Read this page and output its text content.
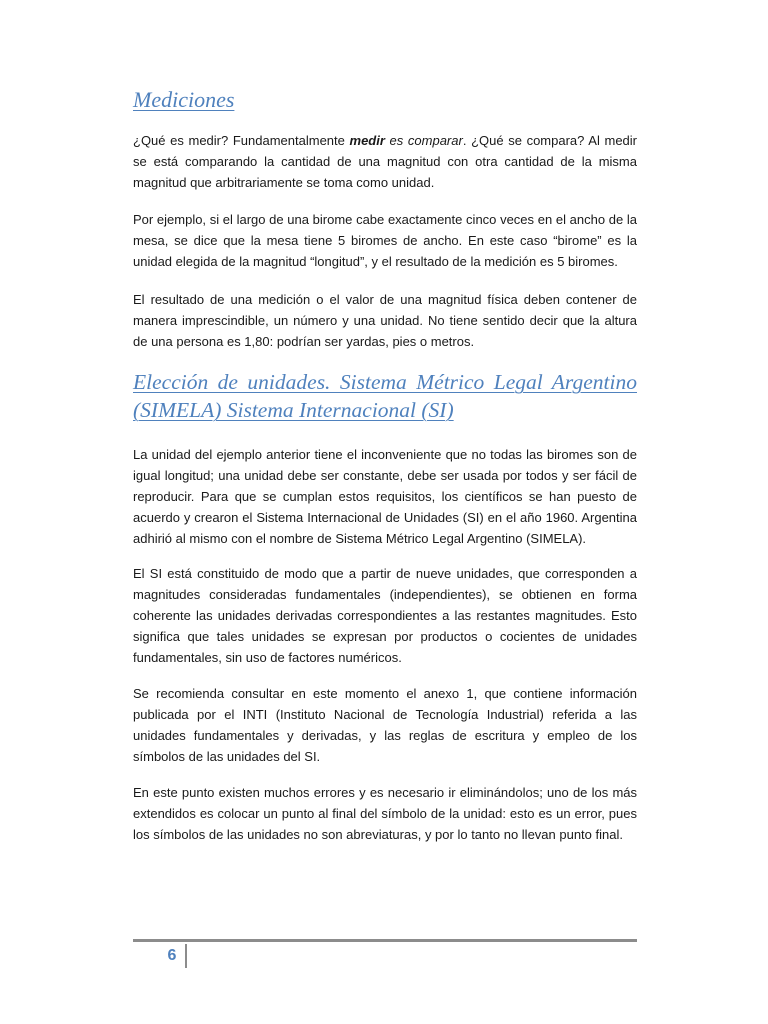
Mediciones

¿Qué es medir? Fundamentalmente medir es comparar. ¿Qué se compara? Al medir se está comparando la cantidad de una magnitud con otra cantidad de la misma magnitud que arbitrariamente se toma como unidad.

Por ejemplo, si el largo de una birome cabe exactamente cinco veces en el ancho de la mesa, se dice que la mesa tiene 5 biromes de ancho. En este caso “birome” es la unidad elegida de la magnitud “longitud”, y el resultado de la medición es 5 biromes.

El resultado de una medición o el valor de una magnitud física deben contener de manera imprescindible, un número y una unidad. No tiene sentido decir que la altura de una persona es 1,80: podrían ser yardas, pies o metros.

Elección de unidades. Sistema Métrico Legal Argentino (SIMELA) Sistema Internacional (SI)

La unidad del ejemplo anterior tiene el inconveniente que no todas las biromes son de igual longitud; una unidad debe ser constante, debe ser usada por todos y ser fácil de reproducir. Para que se cumplan estos requisitos, los científicos se han puesto de acuerdo y crearon el Sistema Internacional de Unidades (SI) en el año 1960. Argentina adhirió al mismo con el nombre de Sistema Métrico Legal Argentino (SIMELA).

El SI está constituido de modo que a partir de nueve unidades, que corresponden a magnitudes consideradas fundamentales (independientes), se obtienen en forma coherente las unidades derivadas correspondientes a las restantes magnitudes. Esto significa que tales unidades se expresan por productos o cocientes de unidades fundamentales, sin uso de factores numéricos.

Se recomienda consultar en este momento el anexo 1, que contiene información publicada por el INTI (Instituto Nacional de Tecnología Industrial) referida a las unidades fundamentales y derivadas, y las reglas de escritura y empleo de los símbolos de las unidades del SI.

En este punto existen muchos errores y es necesario ir eliminándolos; uno de los más extendidos es colocar un punto al final del símbolo de la unidad: esto es un error, pues los símbolos de las unidades no son abreviaturas, y por lo tanto no llevan punto final.

6
